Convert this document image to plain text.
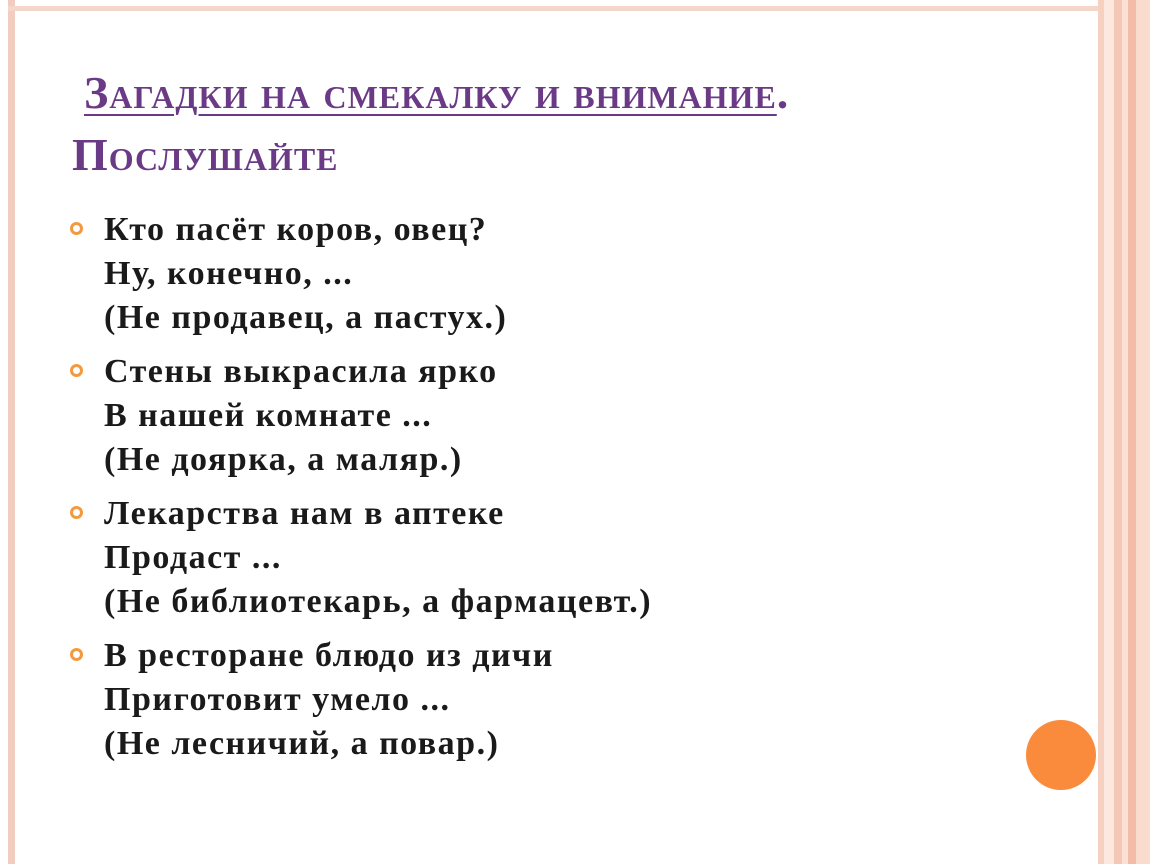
Загадки на смекалку и внимание.
Послушайте
Кто пасёт коров, овец?
Ну, конечно, ...
(Не продавец, а пастух.)
Стены выкрасила ярко
В нашей комнате ...
(Не доярка, а маляр.)
Лекарства нам в аптеке
Продаст ...
(Не библиотекарь, а фармацевт.)
В ресторане блюдо из дичи
Приготовит умело ...
(Не лесничий, а повар.)
